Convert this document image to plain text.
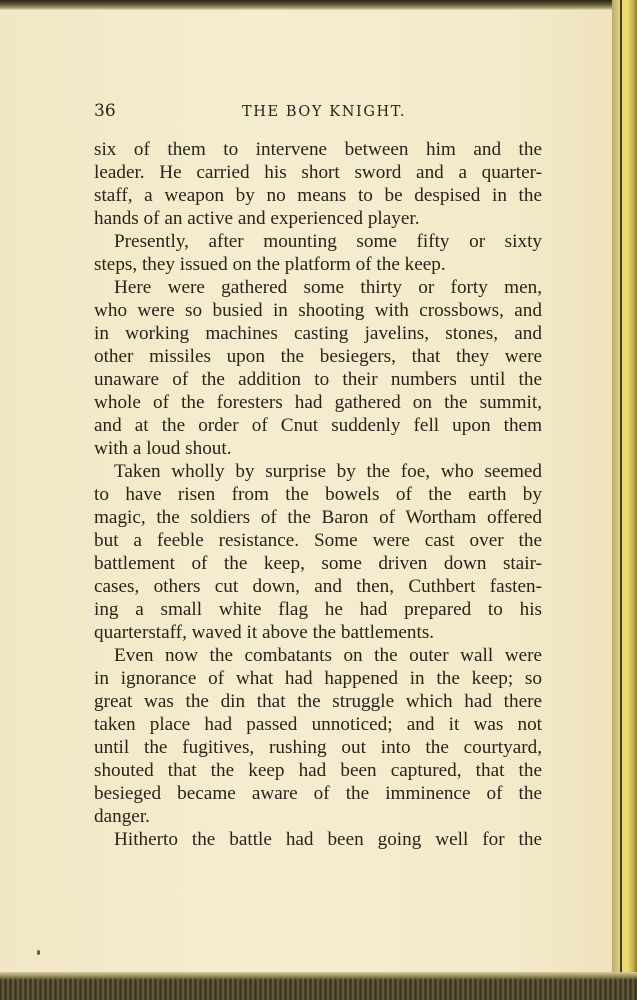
36	THE BOY KNIGHT.
six of them to intervene between him and the
leader. He carried his short sword and a quarter-
staff, a weapon by no means to be despised in the
hands of an active and experienced player.
Presently, after mounting some fifty or sixty
steps, they issued on the platform of the keep.
Here were gathered some thirty or forty men,
who were so busied in shooting with crossbows, and
in working machines casting javelins, stones, and
other missiles upon the besiegers, that they were
unaware of the addition to their numbers until the
whole of the foresters had gathered on the summit,
and at the order of Cnut suddenly fell upon them
with a loud shout.
Taken wholly by surprise by the foe, who seemed
to have risen from the bowels of the earth by
magic, the soldiers of the Baron of Wortham offered
but a feeble resistance. Some were cast over the
battlement of the keep, some driven down stair-
cases, others cut down, and then, Cuthbert fasten-
ing a small white flag he had prepared to his
quarterstaff, waved it above the battlements.
Even now the combatants on the outer wall were
in ignorance of what had happened in the keep; so
great was the din that the struggle which had there
taken place had passed unnoticed; and it was not
until the fugitives, rushing out into the courtyard,
shouted that the keep had been captured, that the
besieged became aware of the imminence of the
danger.
Hitherto the battle had been going well for the
